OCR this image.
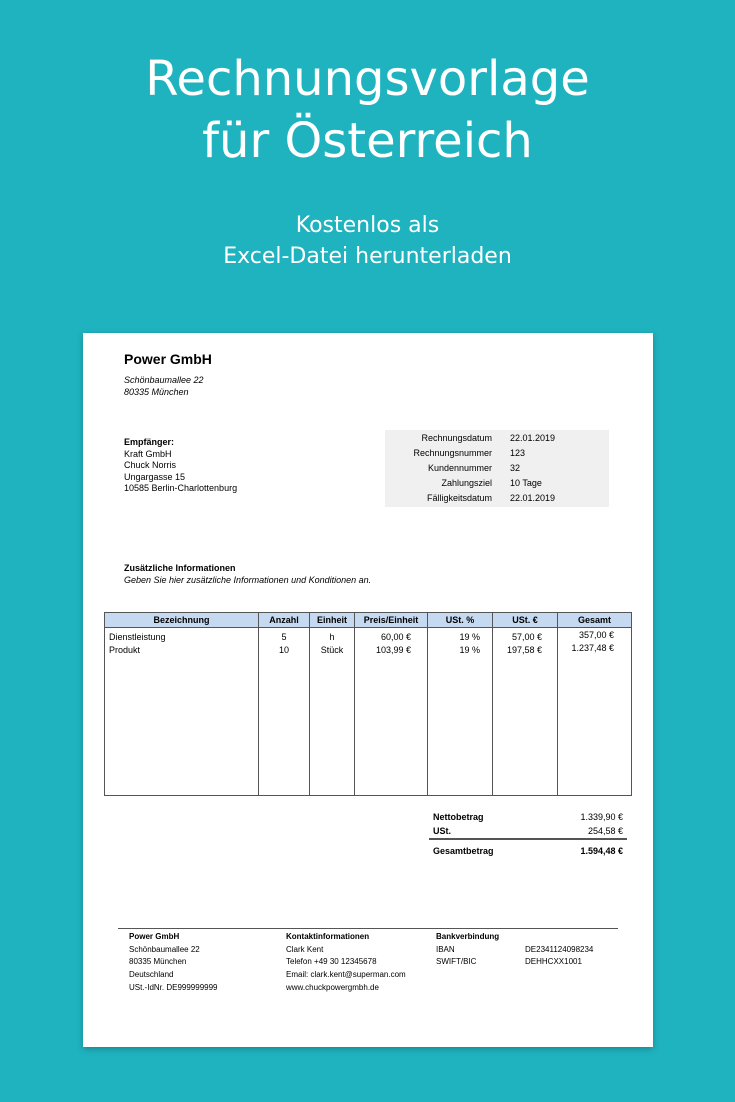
Rechnungsvorlage
für Österreich
Kostenlos als
Excel-Datei herunterladen
Power GmbH
Schönbaumallee 22
80335 München
Empfänger:
Kraft GmbH
Chuck Norris
Ungargasse 15
10585 Berlin-Charlottenburg
Rechnungsdatum 22.01.2019
Rechnungsnummer 123
Kundennummer 32
Zahlungsziel 10 Tage
Fälligkeitsdatum 22.01.2019
Zusätzliche Informationen
Geben Sie hier zusätzliche Informationen und Konditionen an.
Bezeichnung	Anzahl	Einheit	Preis/Einheit	USt. %	USt. €	Gesamt
Dienstleistung	5	h	60,00 €	19 %	57,00 €	357,00 €
Produkt	10	Stück	103,99 €	19 %	197,58 €	1.237,48 €
Nettobetrag	1.339,90 €
USt.	254,58 €
Gesamtbetrag	1.594,48 €
Power GmbH
Schönbaumallee 22
80335 München
Deutschland
USt.-IdNr. DE999999999
Kontaktinformationen
Clark Kent
Telefon +49 30 12345678
Email: clark.kent@superman.com
www.chuckpowergmbh.de
Bankverbindung
IBAN	DE2341124098234
SWIFT/BIC	DEHHCXX1001
